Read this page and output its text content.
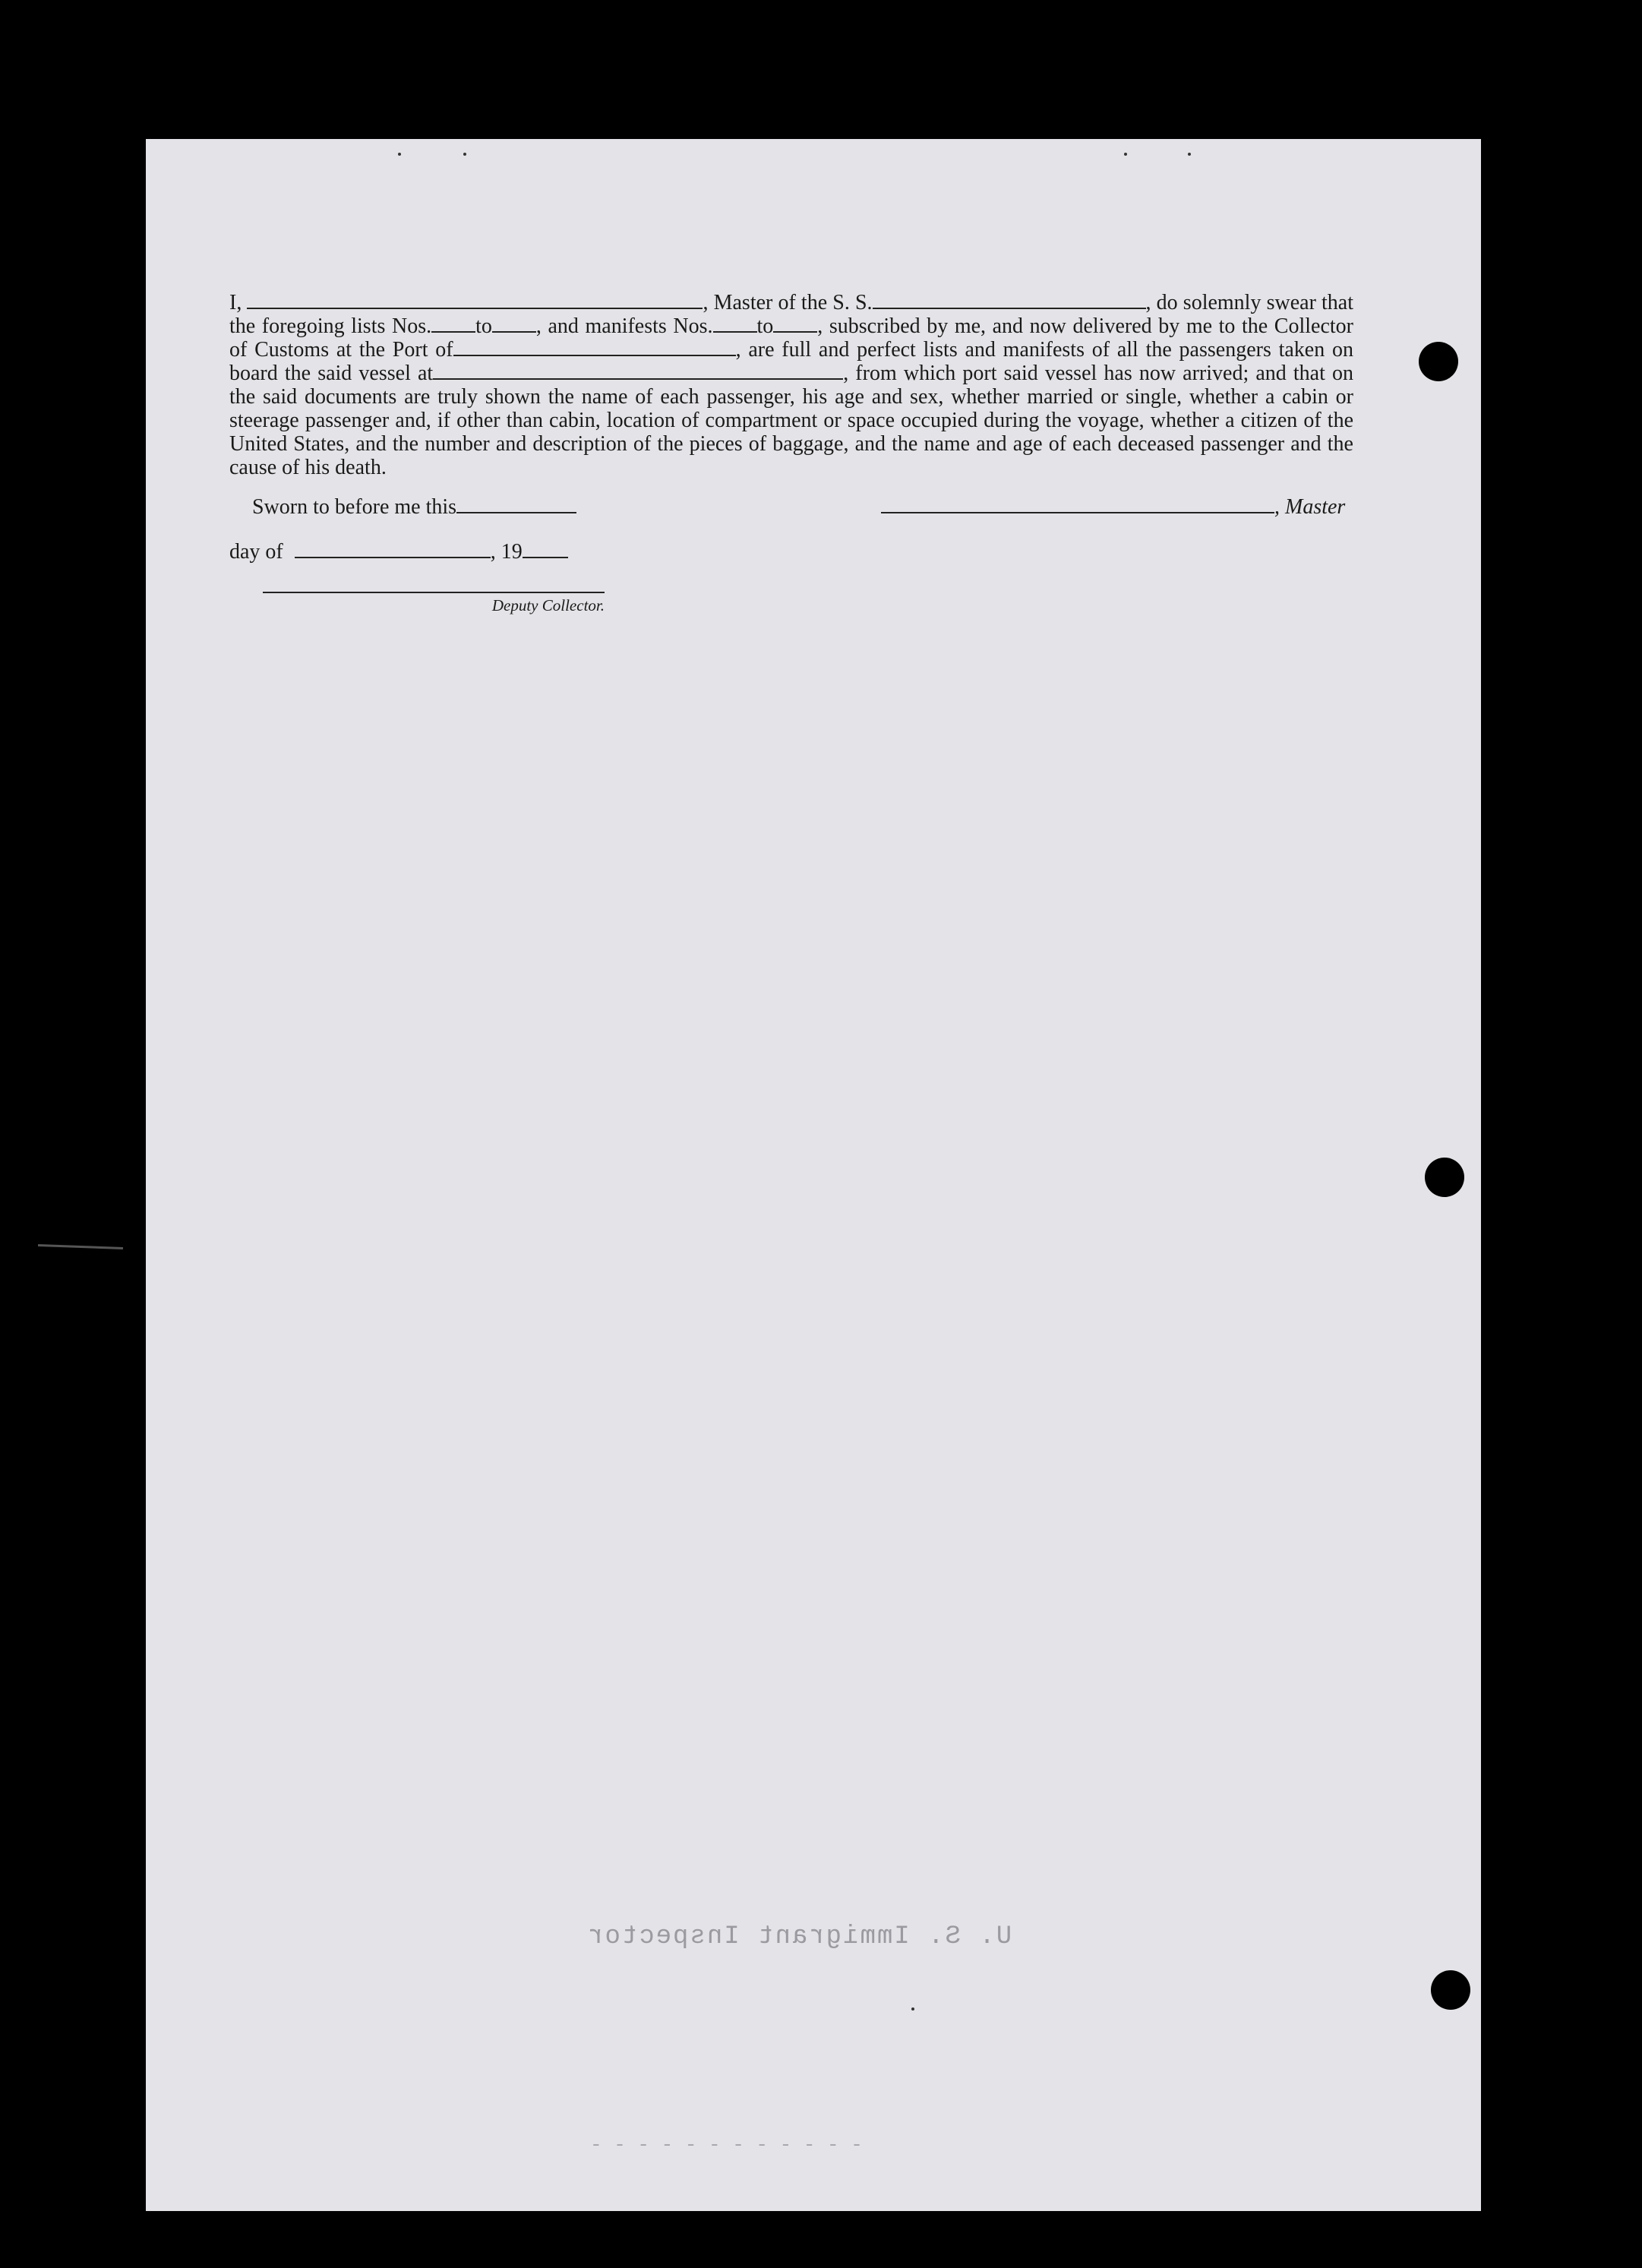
I,	, Master of the S. S.	, do solemnly swear that the foregoing lists Nos. to , and manifests Nos. to , subscribed by me, and now delivered by me to the Collector of Customs at the Port of	, are full and perfect lists and manifests of all the passengers taken on board the said vessel at	, from which port said vessel has now arrived; and that on the said documents are truly shown the name of each passenger, his age and sex, whether married or single, whether a cabin or steerage passenger and, if other than cabin, location of compartment or space occupied during the voyage, whether a citizen of the United States, and the number and description of the pieces of baggage, and the name and age of each deceased passenger and the cause of his death.
Sworn to before me this	, Master
day of	, 19
Deputy Collector.
U. S. Immigrant Inspector
- - - - - - - - - - - -
